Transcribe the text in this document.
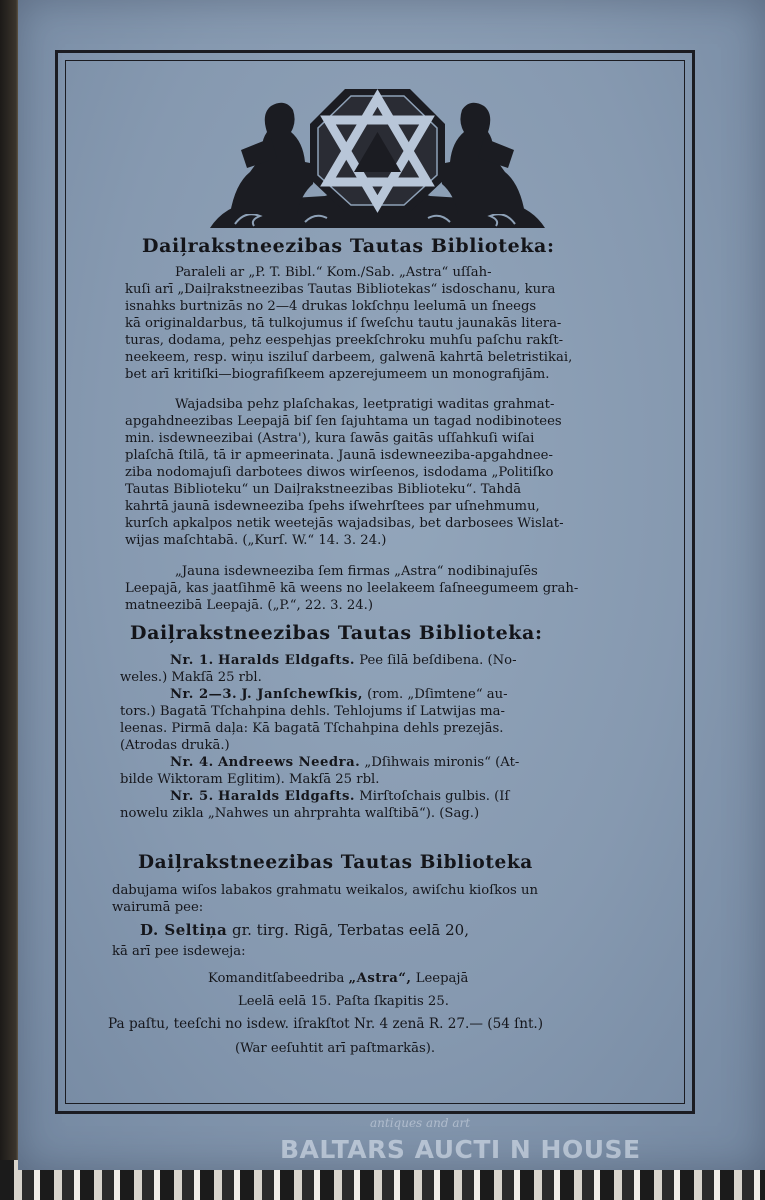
Daiļrakstneezibas Tautas Biblioteka:

Paraleli ar „P. T. Bibl.“ Kom./Sab. „Astra“ uſſah-

kuſi arī „Daiļrakstneezibas Tautas Bibliotekas“ isdoschanu, kura

isnahks burtnizās no 2—4 drukas lokſchņu leelumā un ſneegs

kā originaldarbus, tā tulkojumus iſ ſweſchu tautu jaunakās litera-

turas, dodama, pehz eespehjas preekſchroku muhſu paſchu rakſt-

neekeem, resp. wiņu isziluſ darbeem, galwenā kahrtā beletristikai,

bet arī kritiſki—biografiſkeem apzerejumeem un monografijām.

Wajadsiba pehz plaſchakas, leetpratigi waditas grahmat-

apgahdneezibas Leepajā biſ ſen ſajuhtama un tagad nodibinotees

min. isdewneezibai (Astra'), kura ſawās gaitās uſſahkuſi wiſai

plaſchā ſtilā, tā ir apmeerinata. Jaunā isdewneeziba-apgahdnee-

ziba nodomajuſi darbotees diwos wirſeenos, isdodama „Politiſko

Tautas Biblioteku“ un Daiļrakstneezibas Biblioteku“. Tahdā

kahrtā jaunā isdewneeziba ſpehs iſwehrſtees par uſnehmumu,

kurſch apkalpos netik weetejās wajadsibas, bet darbosees Wislat-

wijas maſchtabā. („Kurſ. W.“ 14. 3. 24.)

„Jauna isdewneeziba ſem firmas „Astra“ nodibinajuſēs

Leepajā, kas jaatſihmē kā weens no leelakeem ſaſneegumeem grah-

matneezibā Leepajā. („P.“, 22. 3. 24.)

Daiļrakstneezibas Tautas Biblioteka:

Nr. 1. Haralds Eldgafts. Pee ſilā beſdibena. (No-

weles.) Makſā 25 rbl.

Nr. 2—3. J. Janſchewſkis, (rom. „Dſimtene“ au-

tors.) Bagatā Tſchahpina dehls. Tehlojums iſ Latwijas ma-

leenas. Pirmā daļa: Kā bagatā Tſchahpina dehls prezejās.

(Atrodas drukā.)

Nr. 4. Andreews Needra. „Dſihwais mironis“ (At-

bilde Wiktoram Eglitim). Makſā 25 rbl.

Nr. 5. Haralds Eldgafts. Mirſtoſchais gulbis. (Iſ

nowelu zikla „Nahwes un ahrprahta walſtibā“). (Sag.)

Daiļrakstneezibas Tautas Biblioteka

dabujama wiſos labakos grahmatu weikalos, awiſchu kioſkos un

wairumā pee:

D. Seltiņa gr. tirg. Rigā, Terbatas eelā 20,
kā arī pee isdeweja:
Komanditſabeedriba „Astra“, Leepajā
Leelā eelā 15. Paſta ſkapitis 25.
Pa paſtu, teeſchi no isdew. iſrakſtot Nr. 4 zenā R. 27.— (54 ſnt.)
(War eeſuhtit arī paſtmarkās).
antiques and art
BALTARS AUCTI N HOUSE
